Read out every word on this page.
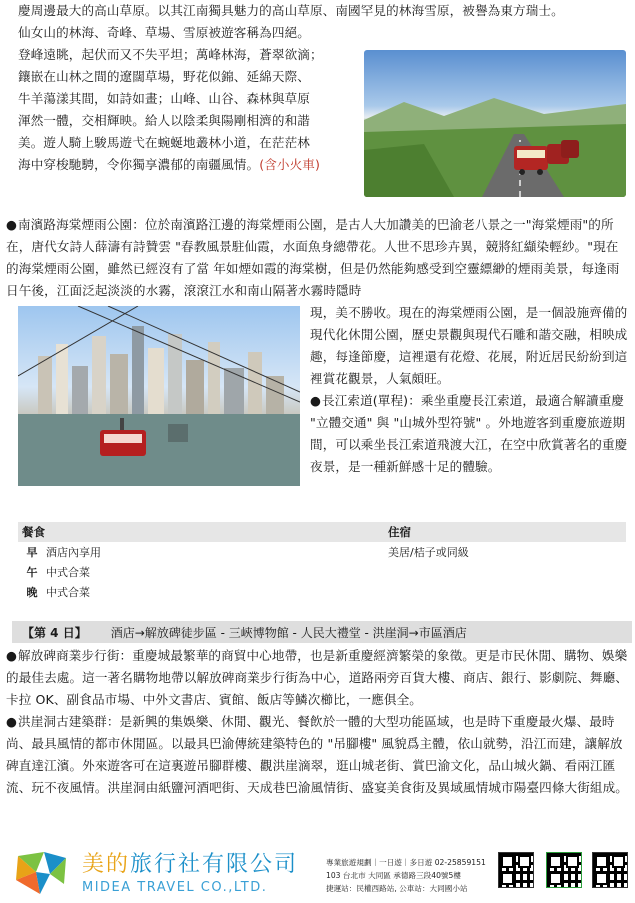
慶周邊最大的高山草原。以其江南獨具魅力的高山草原、南國罕見的林海雪原，被譽為東方瑞士。

仙女山的林海、奇峰、草場、雪原被遊客稱為四絕。

登峰遠眺，起伏而又不失平坦；萬峰林海，蒼翠欲滴；

鑲嵌在山林之間的遼闊草場，野花似錦、延綿天際、

牛羊蕩漾其間，如詩如畫；山峰、山谷、森林與草原

渾然一體，交相輝映。給人以陰柔與陽剛相濟的和諧

美。遊人騎上駿馬遊弋在蜿蜒地叢林小道，在茫茫林

海中穿梭馳騁，令你獨享濃郁的南疆風情。(含小火車)

●南濱路海棠煙雨公園：位於南濱路江邊的海棠煙雨公園，是古人大加讚美的巴渝老八景之一"海棠煙雨"的所在，唐代女詩人薛濤有詩贊雲 "春教風景駐仙霞，水面魚身總帶花。人世不思珍卉異，競將紅纈染輕紗。"現在的海棠煙雨公園，雖然已經沒有了當 年如煙如霞的海棠樹，但是仍然能夠感受到空靈縹緲的煙雨美景，每逢雨日午後，江面泛起淡淡的水霧，滾滾江水和南山隔著水霧時隱時

現，美不勝收。現在的海棠煙雨公園，是一個設施齊備的現代化休閒公園，歷史景觀與現代石雕和諧交融，相映成趣，每逢節慶，這裡還有花燈、花展，附近居民紛紛到這裡賞花觀景，人氣頗旺。

●長江索道(單程)：乘坐重慶長江索道，最適合解讀重慶 "立體交通" 與 "山城外型符號" 。外地遊客到重慶旅遊期間，可以乘坐長江索道飛渡大江，在空中欣賞著名的重慶夜景，是一種新鮮感十足的體驗。

餐食	住宿
早 酒店內享用	美居/桔子或同級
午 中式合菜
晚 中式合菜
【第 4 日】 酒店→解放碑徒步區 - 三峽博物館 - 人民大禮堂 - 洪崖洞→市區酒店

●解放碑商業步行街：重慶城最繁華的商貿中心地帶，也是新重慶經濟繁榮的象徵。更是市民休閒、購物、娛樂的最佳去處。這一著名購物地帶以解放碑商業步行街為中心，道路兩旁百貨大樓、商店、銀行、影劇院、舞廳、卡拉 OK、副食品市場、中外文書店、賓館、飯店等鱗次櫛比，一應俱全。

●洪崖洞古建築群：是新興的集娛樂、休閒、觀光、餐飲於一體的大型功能區域，也是時下重慶最火爆、最時尚、最具風情的都市休閒區。以最具巴渝傳統建築特色的 "吊腳樓" 風貌爲主體，依山就勢，沿江而建，讓解放碑直達江濱。外來遊客可在這裏遊吊腳群樓、觀洪崖滴翠，逛山城老街、賞巴渝文化，品山城火鍋、看兩江匯流、玩不夜風情。洪崖洞由紙鹽河酒吧街、天成巷巴渝風情街、盛宴美食街及異域風情城市陽臺四條大街組成。

美的旅行社有限公司
MIDEA TRAVEL CO.,LTD.
專業旅遊規劃｜一日遊｜多日遊 02-25859151
103 台北市 大同區 承德路三段40號5樓
捷運站：民權西路站, 公車站：大同國小站
